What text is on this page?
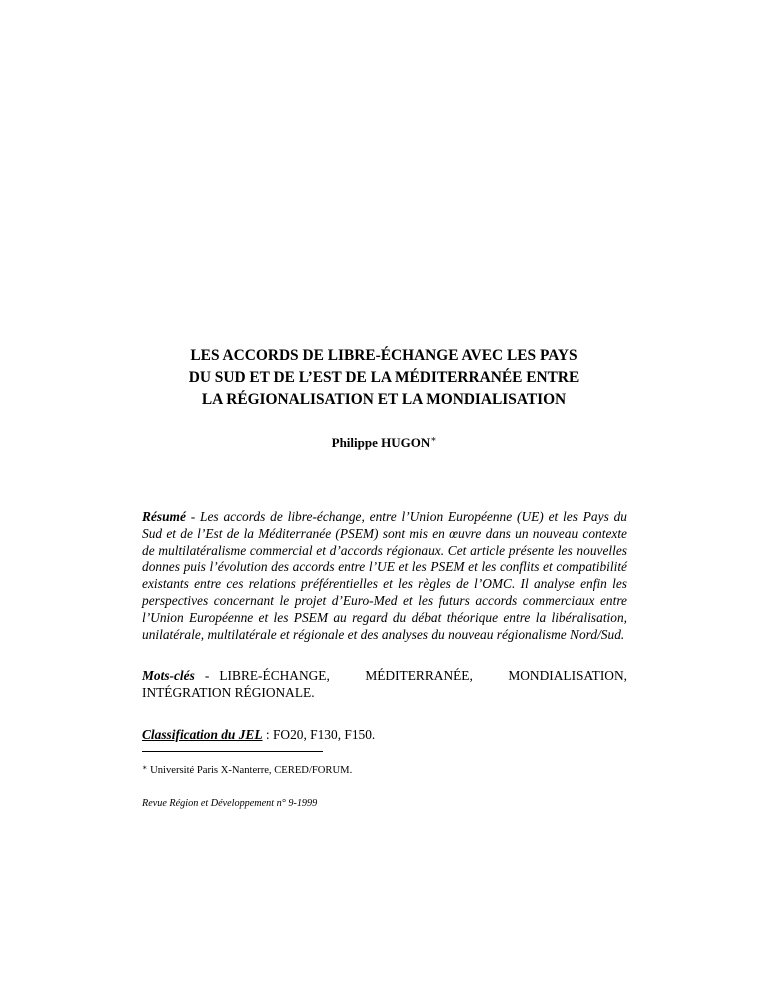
LES ACCORDS DE LIBRE-ÉCHANGE AVEC LES PAYS
DU SUD ET DE L’EST DE LA MÉDITERRANÉE ENTRE
LA RÉGIONALISATION ET LA MONDIALISATION
Philippe HUGON∗

Résumé - Les accords de libre-échange, entre l’Union Européenne (UE) et les Pays du Sud et de l’Est de la Méditerranée (PSEM) sont mis en œuvre dans un nouveau contexte de multilatéralisme commercial et d’accords régionaux. Cet article présente les nouvelles donnes puis l’évolution des accords entre l’UE et les PSEM et les conflits et compatibilité existants entre ces relations préférentielles et les règles de l’OMC. Il analyse enfin les perspectives concernant le projet d’Euro-Med et les futurs accords commerciaux entre l’Union Européenne et les PSEM au regard du débat théorique entre la libéralisation, unilatérale, multilatérale et régionale et des analyses du nouveau régionalisme Nord/Sud.

Mots-clés - LIBRE-ÉCHANGE,	MÉDITERRANÉE,	MONDIALISATION,
INTÉGRATION RÉGIONALE.

Classification du JEL : FO20, F130, F150.

∗ Université Paris X-Nanterre, CERED/FORUM.
Revue Région et Développement n° 9-1999
